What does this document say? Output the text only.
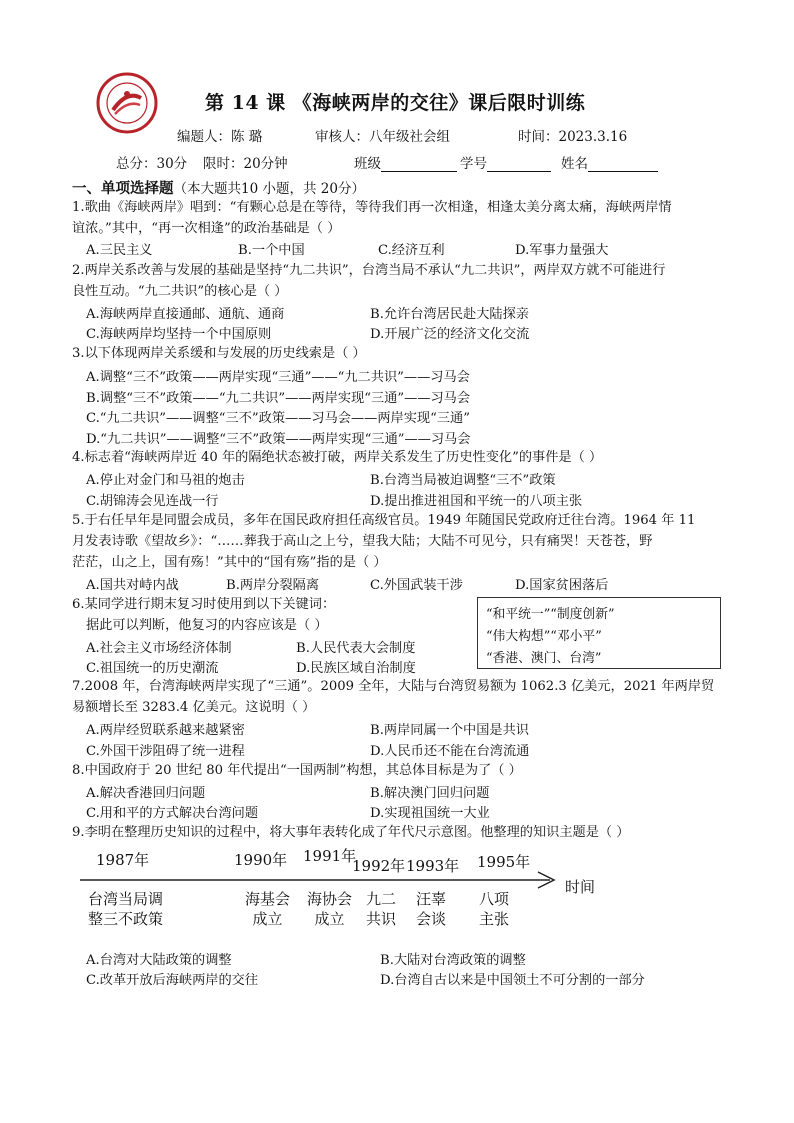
第 14 课 《海峡两岸的交往》课后限时训练
编题人：陈 璐	审核人：八年级社会组	时间：2023.3.16
总分：30分 限时：20分钟	班级	学号	姓名
一、单项选择题（本大题共10 小题，共 20分）
1.歌曲《海峡两岸》唱到：“有颗心总是在等待，等待我们再一次相逢，相逢太美分离太痛，海峡两岸情
谊浓。”其中，“再一次相逢”的政治基础是（ ）
A.三民主义	B.一个中国	C.经济互利	D.军事力量强大
2.两岸关系改善与发展的基础是坚持“九二共识”，台湾当局不承认“九二共识”，两岸双方就不可能进行
良性互动。“九二共识”的核心是（ ）
A.海峡两岸直接通邮、通航、通商	B.允许台湾居民赴大陆探亲
C.海峡两岸均坚持一个中国原则	D.开展广泛的经济文化交流
3.以下体现两岸关系缓和与发展的历史线索是（ ）
A.调整“三不”政策——两岸实现“三通”——“九二共识”——习马会
B.调整“三不”政策——“九二共识”——两岸实现“三通”——习马会
C.“九二共识”——调整“三不”政策——习马会——两岸实现“三通”
D.“九二共识”——调整“三不”政策——两岸实现“三通”——习马会
4.标志着“海峡两岸近 40 年的隔绝状态被打破，两岸关系发生了历史性变化”的事件是（ ）
A.停止对金门和马祖的炮击	B.台湾当局被迫调整“三不”政策
C.胡锦涛会见连战一行	D.提出推进祖国和平统一的八项主张
5.于右任早年是同盟会成员，多年在国民政府担任高级官员。1949 年随国民党政府迁往台湾。1964 年 11
月发表诗歌《望故乡》：“……葬我于高山之上兮，望我大陆；大陆不可见兮，只有痛哭！天苍苍，野
茫茫，山之上，国有殇！”其中的“国有殇”指的是（ ）
A.国共对峙内战	B.两岸分裂隔离	C.外国武装干涉	D.国家贫困落后
6.某同学进行期末复习时使用到以下关键词：
据此可以判断，他复习的内容应该是（ ）
A.社会主义市场经济体制	B.人民代表大会制度
C.祖国统一的历史潮流	D.民族区域自治制度
“和平统一”“制度创新”
“伟大构想”“邓小平”
“香港、澳门、台湾”
7.2008 年，台湾海峡两岸实现了“三通”。2009 全年，大陆与台湾贸易额为 1062.3 亿美元，2021 年两岸贸
易额增长至 3283.4 亿美元。这说明（ ）
A.两岸经贸联系越来越紧密	B.两岸同属一个中国是共识
C.外国干涉阻碍了统一进程	D.人民币还不能在台湾流通
8.中国政府于 20 世纪 80 年代提出“一国两制”构想，其总体目标是为了（ ）
A.解决香港回归问题	B.解决澳门回归问题
C.用和平的方式解决台湾问题	D.实现祖国统一大业
9.李明在整理历史知识的过程中，将大事年表转化成了年代尺示意图。他整理的知识主题是（ ）
1987年	1990年 1991年
1992年 1993年 1995年
时间
台湾当局调
整三不政策
海基会
成立
海协会
成立
九二
共识
汪辜
会谈
八项
主张
A.台湾对大陆政策的调整	B.大陆对台湾政策的调整
C.改革开放后海峡两岸的交往	D.台湾自古以来是中国领土不可分割的一部分
